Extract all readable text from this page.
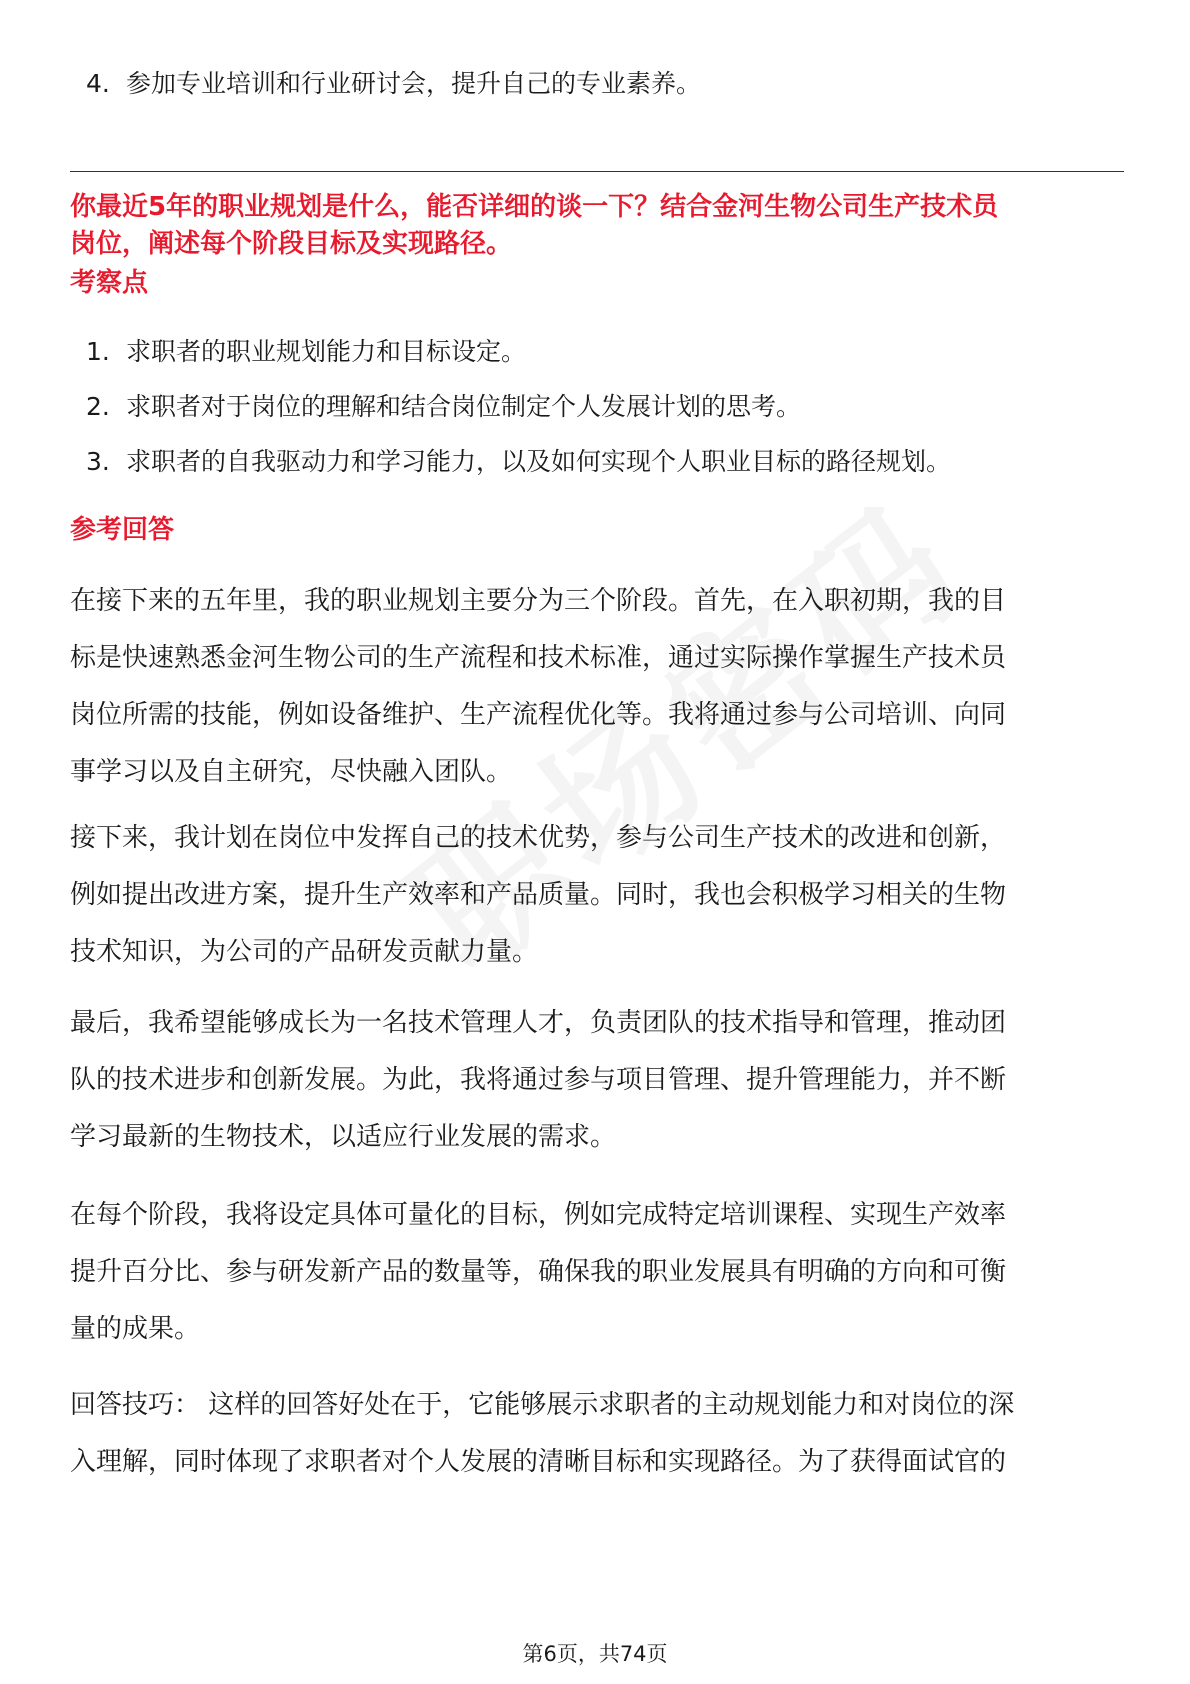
4. 参加专业培训和行业研讨会，提升自己的专业素养。
你最近5年的职业规划是什么，能否详细的谈一下？结合金河生物公司生产技术员
岗位，阐述每个阶段目标及实现路径。
考察点
1. 求职者的职业规划能力和目标设定。
2. 求职者对于岗位的理解和结合岗位制定个人发展计划的思考。
3. 求职者的自我驱动力和学习能力，以及如何实现个人职业目标的路径规划。
参考回答
在接下来的五年里，我的职业规划主要分为三个阶段。首先，在入职初期，我的目
标是快速熟悉金河生物公司的生产流程和技术标准，通过实际操作掌握生产技术员
岗位所需的技能，例如设备维护、生产流程优化等。我将通过参与公司培训、向同
事学习以及自主研究，尽快融入团队。
接下来，我计划在岗位中发挥自己的技术优势，参与公司生产技术的改进和创新，
例如提出改进方案，提升生产效率和产品质量。同时，我也会积极学习相关的生物
技术知识，为公司的产品研发贡献力量。
最后，我希望能够成长为一名技术管理人才，负责团队的技术指导和管理，推动团
队的技术进步和创新发展。为此，我将通过参与项目管理、提升管理能力，并不断
学习最新的生物技术，以适应行业发展的需求。
在每个阶段，我将设定具体可量化的目标，例如完成特定培训课程、实现生产效率
提升百分比、参与研发新产品的数量等，确保我的职业发展具有明确的方向和可衡
量的成果。
回答技巧： 这样的回答好处在于，它能够展示求职者的主动规划能力和对岗位的深
入理解，同时体现了求职者对个人发展的清晰目标和实现路径。为了获得面试官的
第6页，共74页
